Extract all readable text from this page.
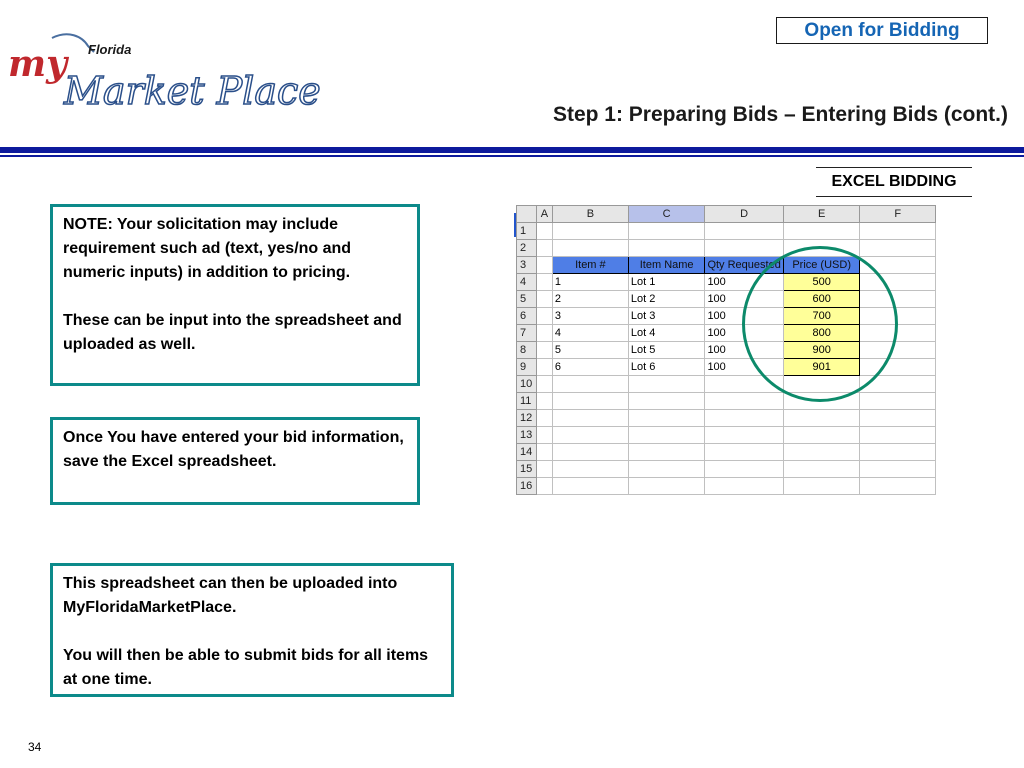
Open for Bidding
my Florida
Market Place
Step 1: Preparing Bids – Entering Bids (cont.)
EXCEL BIDDING

NOTE: Your solicitation may include requirement such ad (text, yes/no and numeric inputs) in addition to pricing.

These can be input into the spreadsheet and uploaded as well.

Once You have entered your bid information,
save the Excel spreadsheet.

This spreadsheet can then be uploaded into MyFloridaMarketPlace.

You will then be able to submit bids for all items at one time.

	A	B	C	D	E	F
1						
2						
3		Item #	Item Name	Qty Requested	Price (USD)	
4		1	Lot 1	100	500	
5		2	Lot 2	100	600	
6		3	Lot 3	100	700	
7		4	Lot 4	100	800	
8		5	Lot 5	100	900	
9		6	Lot 6	100	901	
10						
11						
12						
13						
14						
15						
16						
34
